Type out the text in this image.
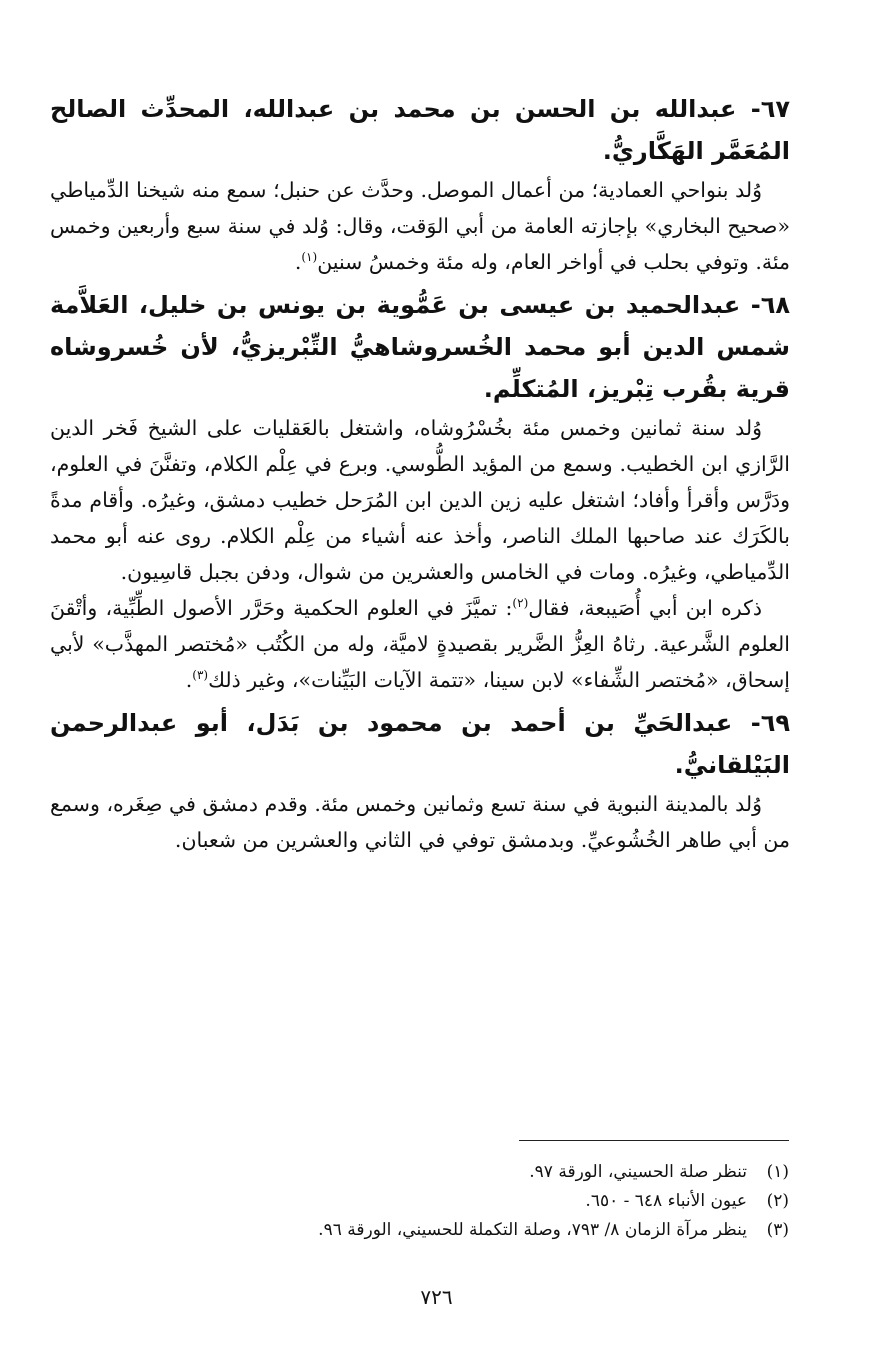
٦٧- عبدالله بن الحسن بن محمد بن عبدالله، المحدِّث الصالح المُعَمَّر الهَكَّاريُّ.

وُلد بنواحي العمادية؛ من أعمال الموصل. وحدَّث عن حنبل؛ سمع منه شيخنا الدِّمياطي «صحيح البخاري» بإجازته العامة من أبي الوَقت، وقال: وُلد في سنة سبع وأربعين وخمس مئة. وتوفي بحلب في أواخر العام، وله مئة وخمسُ سنين$^{(١)}$.

٦٨- عبدالحميد بن عيسى بن عَمُّوية بن يونس بن خليل، العَلاَّمة شمس الدين أبو محمد الخُسروشاهيُّ التِّبْريزيُّ، لأن خُسروشاه قرية بقُرب تِبْريز، المُتكلِّم.

وُلد سنة ثمانين وخمس مئة بخُسْرُوشاه، واشتغل بالعَقليات على الشيخ فَخر الدين الرَّازي ابن الخطيب. وسمع من المؤيد الطُّوسي. وبرع في عِلْم الكلام، وتفنَّنَ في العلوم، ودَرَّس وأقرأ وأفاد؛ اشتغل عليه زين الدين ابن المُرَحل خطيب دمشق، وغيرُه. وأقام مدةً بالكَرَك عند صاحبها الملك الناصر، وأخذ عنه أشياء من عِلْم الكلام. روى عنه أبو محمد الدِّمياطي، وغيرُه. ومات في الخامس والعشرين من شوال، ودفن بجبل قاسِيون.

ذكره ابن أبي أُصَيبعة، فقال$^{(٢)}$: تميَّزَ في العلوم الحكمية وحَرَّر الأصول الطِّبِّية، وأتْقنَ العلوم الشَّرعية. رثاهُ العِزُّ الضَّرير بقصيدةٍ لاميَّة، وله من الكُتُب «مُختصر المهذَّب» لأبي إسحاق، «مُختصر الشِّفاء» لابن سينا، «تتمة الآيات البَيِّنات»، وغير ذلك$^{(٣)}$.

٦٩- عبدالحَيِّ بن أحمد بن محمود بن بَدَل، أبو عبدالرحمن البَيْلقانيُّ.

وُلد بالمدينة النبوية في سنة تسع وثمانين وخمس مئة. وقدم دمشق في صِغَره، وسمع من أبي طاهر الخُشُوعيِّ. وبدمشق توفي في الثاني والعشرين من شعبان.

(١)تنظر صلة الحسيني، الورقة ٩٧.
(٢)عيون الأنباء ٦٤٨ - ٦٥٠.
(٣)ينظر مرآة الزمان ٨/ ٧٩٣، وصلة التكملة للحسيني، الورقة ٩٦.
٧٢٦
